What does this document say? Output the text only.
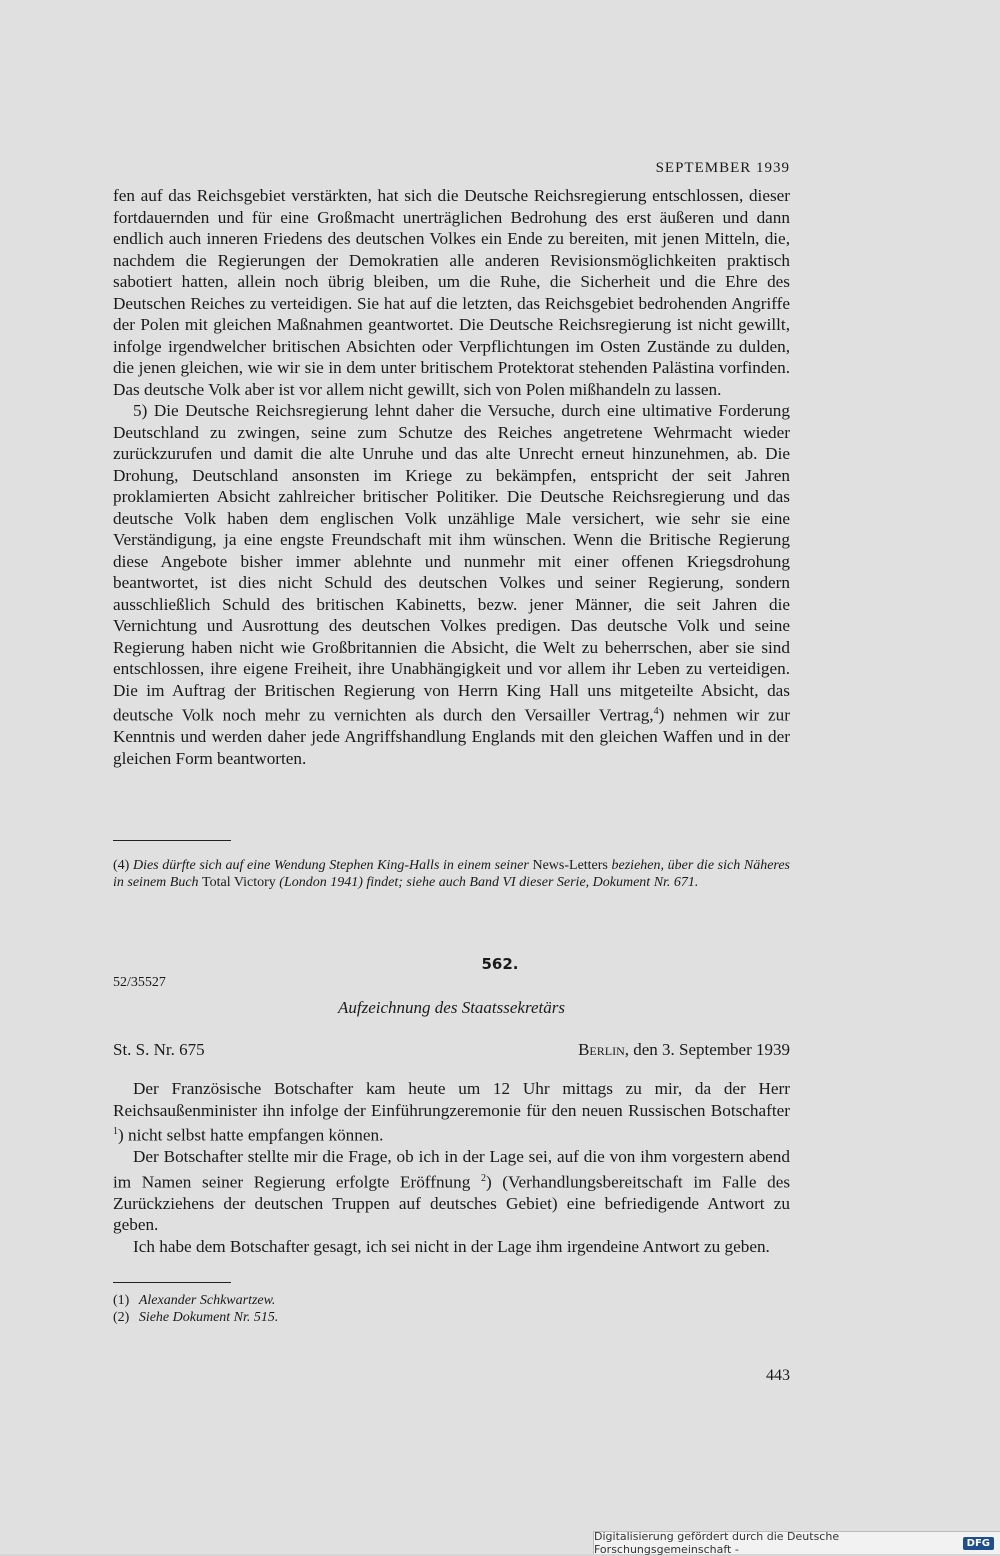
SEPTEMBER 1939

fen auf das Reichsgebiet verstärkten, hat sich die Deutsche Reichsregierung entschlossen, dieser fortdauernden und für eine Großmacht unerträglichen Bedrohung des erst äußeren und dann endlich auch inneren Friedens des deutschen Volkes ein Ende zu bereiten, mit jenen Mitteln, die, nachdem die Regierungen der Demokratien alle anderen Revisionsmöglichkeiten praktisch sabotiert hatten, allein noch übrig bleiben, um die Ruhe, die Sicherheit und die Ehre des Deutschen Reiches zu verteidigen. Sie hat auf die letzten, das Reichsgebiet bedrohenden Angriffe der Polen mit gleichen Maßnahmen geantwortet. Die Deutsche Reichsregierung ist nicht gewillt, infolge irgendwelcher britischen Absichten oder Verpflichtungen im Osten Zustände zu dulden, die jenen gleichen, wie wir sie in dem unter britischem Protektorat stehenden Palästina vorfinden. Das deutsche Volk aber ist vor allem nicht gewillt, sich von Polen mißhandeln zu lassen.

5) Die Deutsche Reichsregierung lehnt daher die Versuche, durch eine ultimative Forderung Deutschland zu zwingen, seine zum Schutze des Reiches angetretene Wehrmacht wieder zurückzurufen und damit die alte Unruhe und das alte Unrecht erneut hinzunehmen, ab. Die Drohung, Deutschland ansonsten im Kriege zu bekämpfen, entspricht der seit Jahren proklamierten Absicht zahlreicher britischer Politiker. Die Deutsche Reichsregierung und das deutsche Volk haben dem englischen Volk unzählige Male versichert, wie sehr sie eine Verständigung, ja eine engste Freundschaft mit ihm wünschen. Wenn die Britische Regierung diese Angebote bisher immer ablehnte und nunmehr mit einer offenen Kriegsdrohung beantwortet, ist dies nicht Schuld des deutschen Volkes und seiner Regierung, sondern ausschließlich Schuld des britischen Kabinetts, bezw. jener Männer, die seit Jahren die Vernichtung und Ausrottung des deutschen Volkes predigen. Das deutsche Volk und seine Regierung haben nicht wie Großbritannien die Absicht, die Welt zu beherrschen, aber sie sind entschlossen, ihre eigene Freiheit, ihre Unabhängigkeit und vor allem ihr Leben zu verteidigen. Die im Auftrag der Britischen Regierung von Herrn King Hall uns mitgeteilte Absicht, das deutsche Volk noch mehr zu vernichten als durch den Versailler Vertrag,$^4$) nehmen wir zur Kenntnis und werden daher jede Angriffshandlung Englands mit den gleichen Waffen und in der gleichen Form beantworten.

(4) Dies dürfte sich auf eine Wendung Stephen King-Halls in einem seiner News-Letters beziehen, über die sich Näheres in seinem Buch Total Victory (London 1941) findet; siehe auch Band VI dieser Serie, Dokument Nr. 671.
562.
52/35527
Aufzeichnung des Staatssekretärs
St. S. Nr. 675	Berlin, den 3. September 1939

Der Französische Botschafter kam heute um 12 Uhr mittags zu mir, da der Herr Reichsaußenminister ihn infolge der Einführungzeremonie für den neuen Russischen Botschafter $^1$) nicht selbst hatte empfangen können.

Der Botschafter stellte mir die Frage, ob ich in der Lage sei, auf die von ihm vorgestern abend im Namen seiner Regierung erfolgte Eröffnung $^2$) (Verhandlungsbereitschaft im Falle des Zurückziehens der deutschen Truppen auf deutsches Gebiet) eine befriedigende Antwort zu geben.

Ich habe dem Botschafter gesagt, ich sei nicht in der Lage ihm irgendeine Antwort zu geben.

(1) Alexander Schkwartzew.
(2) Siehe Dokument Nr. 515.
443
Digitalisierung gefördert durch die Deutsche Forschungsgemeinschaft -	DFG
